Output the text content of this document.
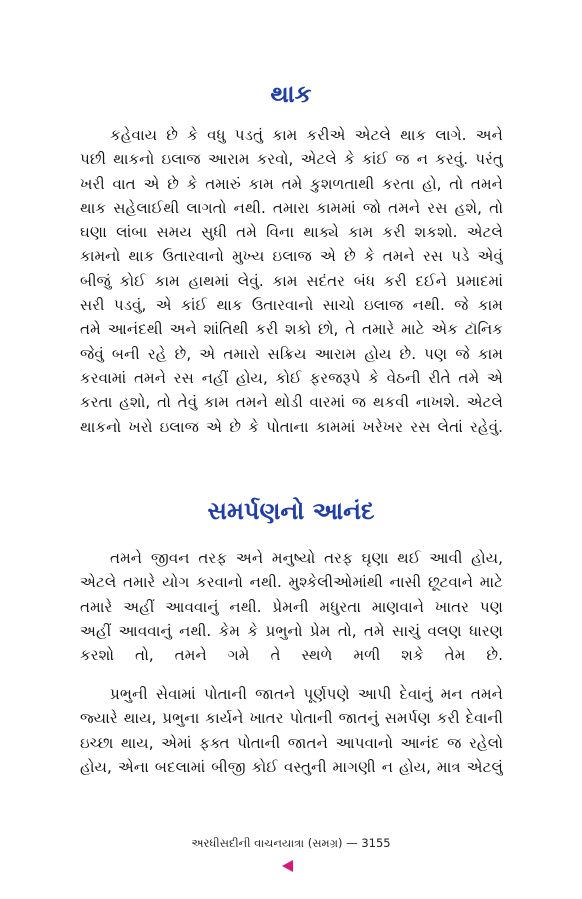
થાક
કહેવાય છે કે વધુ પડતું કામ કરીએ એટલે થાક લાગે. અને
પછી થાકનો ઇલાજ આરામ કરવો, એટલે કે કાંઈ જ ન કરવું. પરંતુ
ખરી વાત એ છે કે તમારું કામ તમે કુશળતાથી કરતા હો, તો તમને
થાક સહેલાઈથી લાગતો નથી. તમારા કામમાં જો તમને રસ હશે, તો
ઘણા લાંબા સમય સુધી તમે વિના થાક્યે કામ કરી શકશો. એટલે
કામનો થાક ઉતારવાનો મુખ્ય ઇલાજ એ છે કે તમને રસ પડે એવું
બીજું કોઈ કામ હાથમાં લેવું. કામ સદંતર બંધ કરી દઈને પ્રમાદમાં
સરી પડવું, એ કાંઈ થાક ઉતારવાનો સાચો ઇલાજ નથી. જે કામ
તમે આનંદથી અને શાંતિથી કરી શકો છો, તે તમારે માટે એક ટૉનિક
જેવું બની રહે છે, એ તમારો સક્રિય આરામ હોય છે. પણ જે કામ
કરવામાં તમને રસ નહીં હોય, કોઈ ફરજરૂપે કે વેઠની રીતે તમે એ
કરતા હશો, તો તેવું કામ તમને થોડી વારમાં જ થકવી નાખશે. એટલે
થાકનો ખરો ઇલાજ એ છે કે પોતાના કામમાં ખરેખર રસ લેતાં રહેવું.
સમર્પણનો આનંદ
તમને જીવન તરફ અને મનુષ્યો તરફ ઘૃણા થઈ આવી હોય,
એટલે તમારે યોગ કરવાનો નથી. મુશ્કેલીઓમાંથી નાસી છૂટવાને માટે
તમારે અહીં આવવાનું નથી. પ્રેમની મધુરતા માણવાને ખાતર પણ
અહીં આવવાનું નથી. કેમ કે પ્રભુનો પ્રેમ તો, તમે સાચું વલણ ધારણ
કરશો તો, તમને ગમે તે સ્થળે મળી શકે તેમ છે.
પ્રભુની સેવામાં પોતાની જાતને પૂર્ણપણે આપી દેવાનું મન તમને
જ્યારે થાય, પ્રભુના કાર્યને ખાતર પોતાની જાતનું સમર્પણ કરી દેવાની
ઇચ્છા થાય, એમાં ફક્ત પોતાની જાતને આપવાનો આનંદ જ રહેલો
હોય, એના બદલામાં બીજી કોઈ વસ્તુની માગણી ન હોય, માત્ર એટલું
અરધીસદીની વાચનયાત્રા (સમગ્ર) — 3155
